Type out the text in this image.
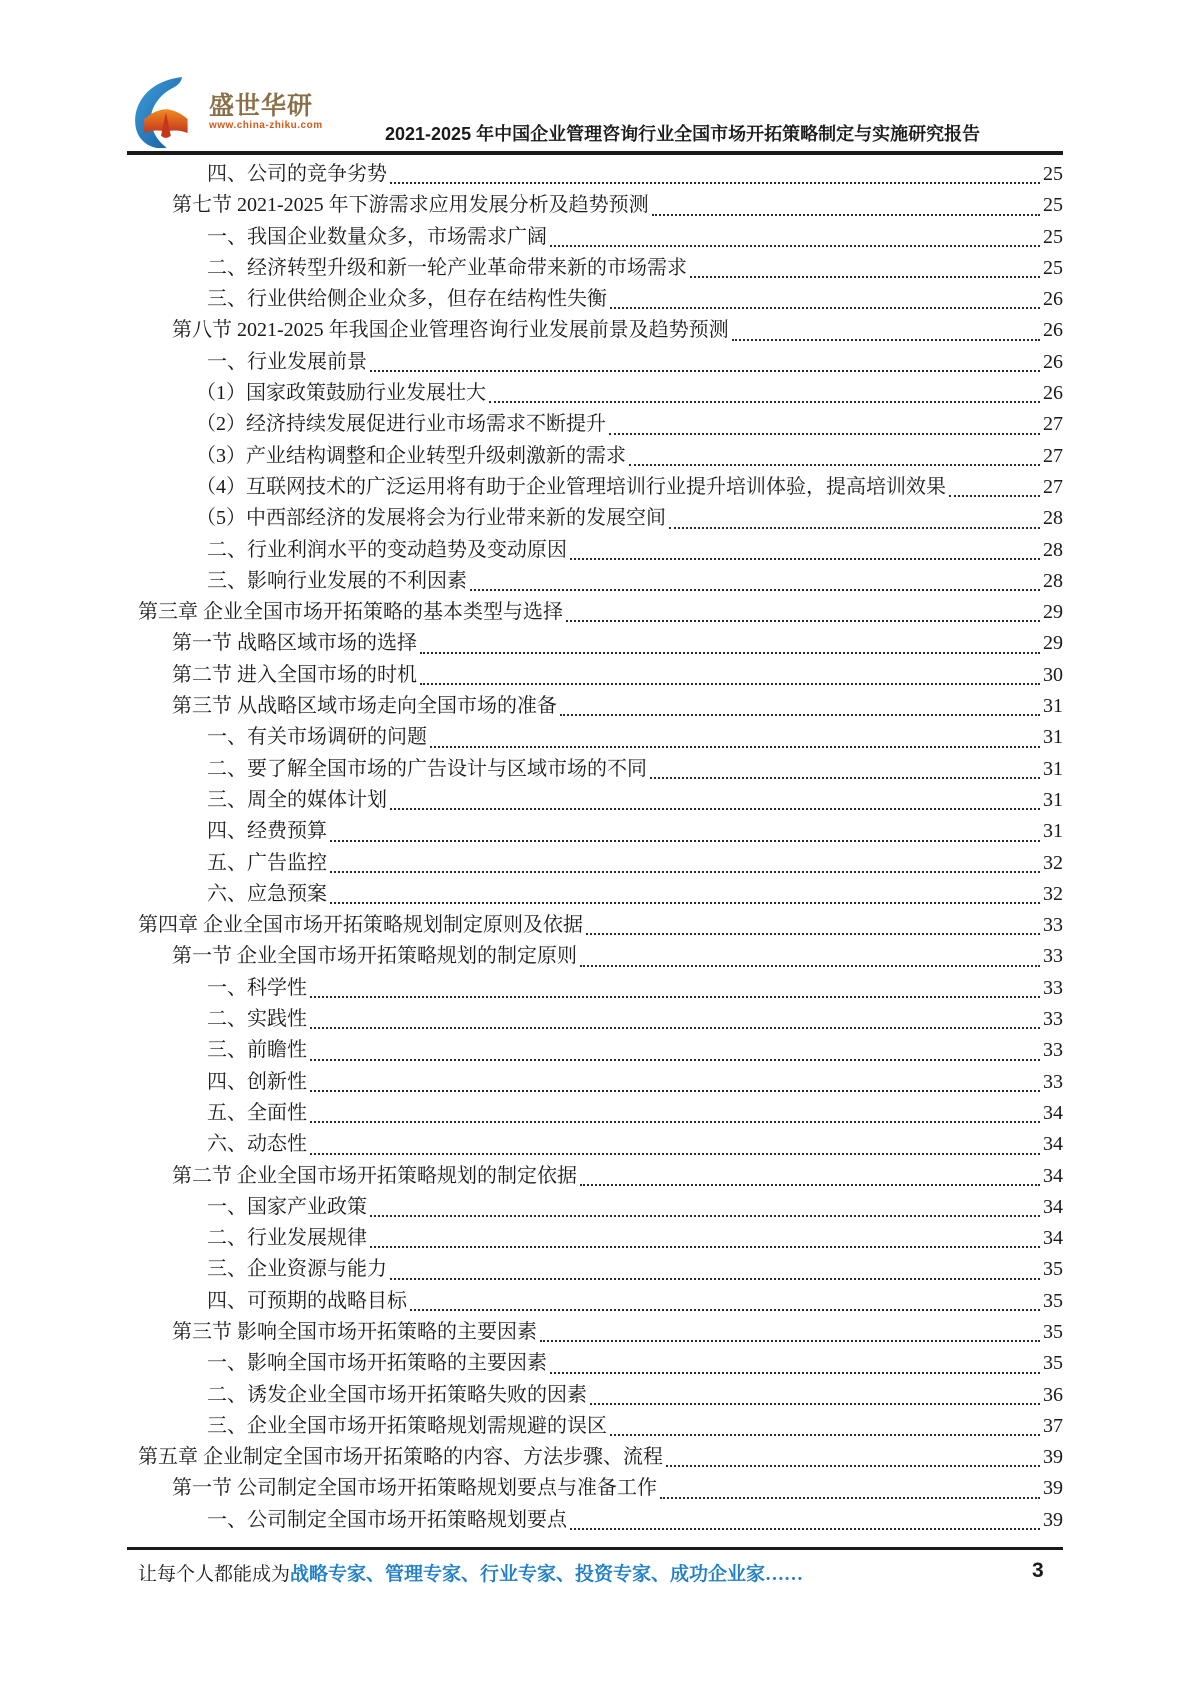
盛世华研
www.china-zhiku.com	2021-2025 年中国企业管理咨询行业全国市场开拓策略制定与实施研究报告
四、公司的竞争劣势	25
第七节 2021-2025 年下游需求应用发展分析及趋势预测	25
一、我国企业数量众多，市场需求广阔	25
二、经济转型升级和新一轮产业革命带来新的市场需求	25
三、行业供给侧企业众多，但存在结构性失衡	26
第八节 2021-2025 年我国企业管理咨询行业发展前景及趋势预测	26
一、行业发展前景	26
（1）国家政策鼓励行业发展壮大	26
（2）经济持续发展促进行业市场需求不断提升	27
（3）产业结构调整和企业转型升级刺激新的需求	27
（4）互联网技术的广泛运用将有助于企业管理培训行业提升培训体验，提高培训效果	27
（5）中西部经济的发展将会为行业带来新的发展空间	28
二、行业利润水平的变动趋势及变动原因	28
三、影响行业发展的不利因素	28
第三章 企业全国市场开拓策略的基本类型与选择	29
第一节 战略区域市场的选择	29
第二节 进入全国市场的时机	30
第三节 从战略区域市场走向全国市场的准备	31
一、有关市场调研的问题	31
二、要了解全国市场的广告设计与区域市场的不同	31
三、周全的媒体计划	31
四、经费预算	31
五、广告监控	32
六、应急预案	32
第四章 企业全国市场开拓策略规划制定原则及依据	33
第一节 企业全国市场开拓策略规划的制定原则	33
一、科学性	33
二、实践性	33
三、前瞻性	33
四、创新性	33
五、全面性	34
六、动态性	34
第二节 企业全国市场开拓策略规划的制定依据	34
一、国家产业政策	34
二、行业发展规律	34
三、企业资源与能力	35
四、可预期的战略目标	35
第三节 影响全国市场开拓策略的主要因素	35
一、影响全国市场开拓策略的主要因素	35
二、诱发企业全国市场开拓策略失败的因素	36
三、企业全国市场开拓策略规划需规避的误区	37
第五章 企业制定全国市场开拓策略的内容、方法步骤、流程	39
第一节 公司制定全国市场开拓策略规划要点与准备工作	39
一、公司制定全国市场开拓策略规划要点	39
让每个人都能成为战略专家、管理专家、行业专家、投资专家、成功企业家……	3
